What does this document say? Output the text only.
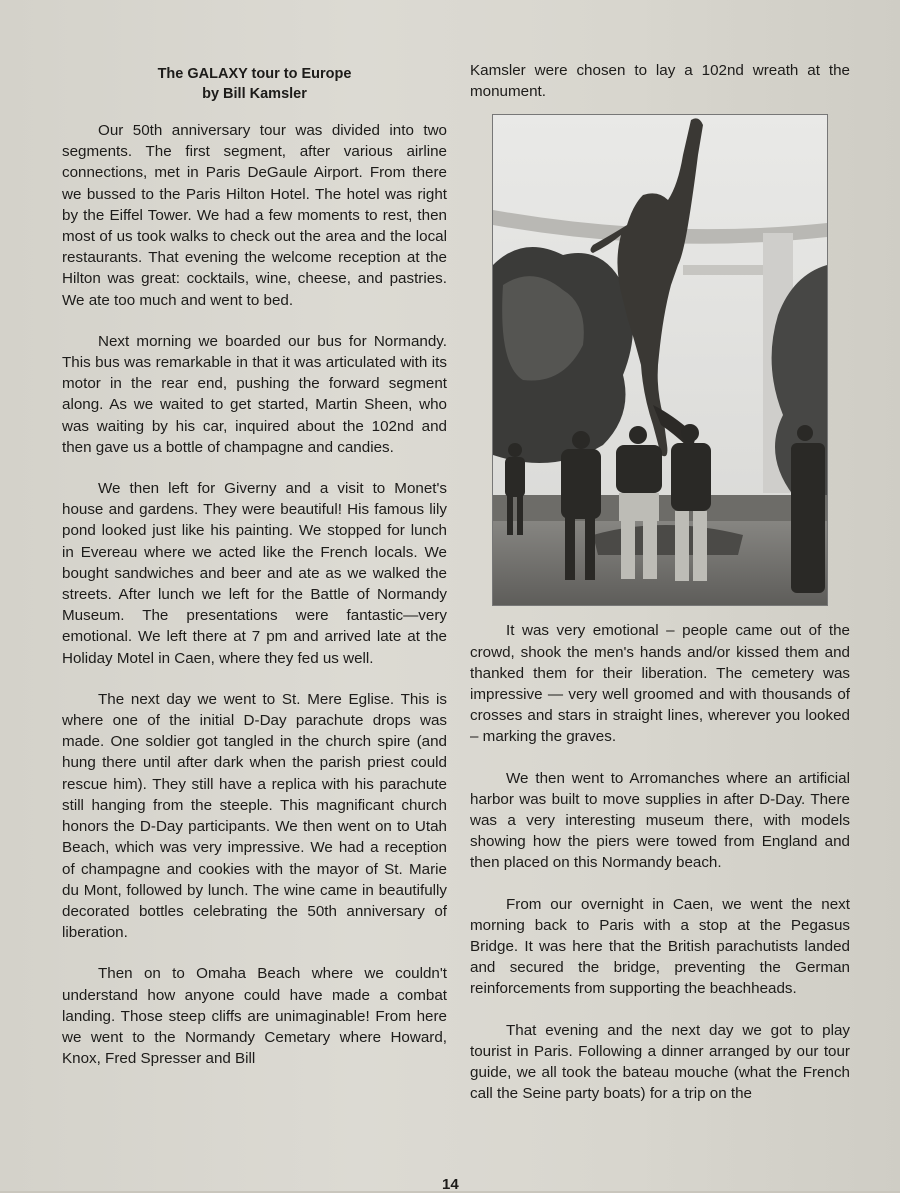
The GALAXY tour to Europe
by Bill Kamsler

Our 50th anniversary tour was divided into two segments. The first segment, after various airline connections, met in Paris DeGaule Airport. From there we bussed to the Paris Hilton Hotel. The hotel was right by the Eiffel Tower. We had a few moments to rest, then most of us took walks to check out the area and the local restaurants. That evening the welcome reception at the Hilton was great: cocktails, wine, cheese, and pastries. We ate too much and went to bed.

Next morning we boarded our bus for Normandy. This bus was remarkable in that it was articulated with its motor in the rear end, pushing the forward segment along. As we waited to get started, Martin Sheen, who was waiting by his car, inquired about the 102nd and then gave us a bottle of champagne and candies.

We then left for Giverny and a visit to Monet's house and gardens. They were beautiful! His famous lily pond looked just like his painting. We stopped for lunch in Evereau where we acted like the French locals. We bought sandwiches and beer and ate as we walked the streets. After lunch we left for the Battle of Normandy Museum. The presentations were fantastic—very emotional. We left there at 7 pm and arrived late at the Holiday Motel in Caen, where they fed us well.

The next day we went to St. Mere Eglise. This is where one of the initial D-Day parachute drops was made. One soldier got tangled in the church spire (and hung there until after dark when the parish priest could rescue him). They still have a replica with his parachute still hanging from the steeple. This magnificant church honors the D-Day participants. We then went on to Utah Beach, which was very impressive. We had a reception of champagne and cookies with the mayor of St. Marie du Mont, followed by lunch. The wine came in beautifully decorated bottles celebrating the 50th anniversary of liberation.

Then on to Omaha Beach where we couldn't understand how anyone could have made a combat landing. Those steep cliffs are unimaginable! From here we went to the Normandy Cemetary where Howard, Knox, Fred Spresser and Bill

Kamsler were chosen to lay a 102nd wreath at the monument.

It was very emotional – people came out of the crowd, shook the men's hands and/or kissed them and thanked them for their liberation. The cemetery was impressive — very well groomed and with thousands of crosses and stars in straight lines, wherever you looked – marking the graves.

We then went to Arromanches where an artificial harbor was built to move supplies in after D-Day. There was a very interesting museum there, with models showing how the piers were towed from England and then placed on this Normandy beach.

From our overnight in Caen, we went the next morning back to Paris with a stop at the Pegasus Bridge. It was here that the British parachutists landed and secured the bridge, preventing the German reinforcements from supporting the beachheads.

That evening and the next day we got to play tourist in Paris. Following a dinner arranged by our tour guide, we all took the bateau mouche (what the French call the Seine party boats) for a trip on the

14
